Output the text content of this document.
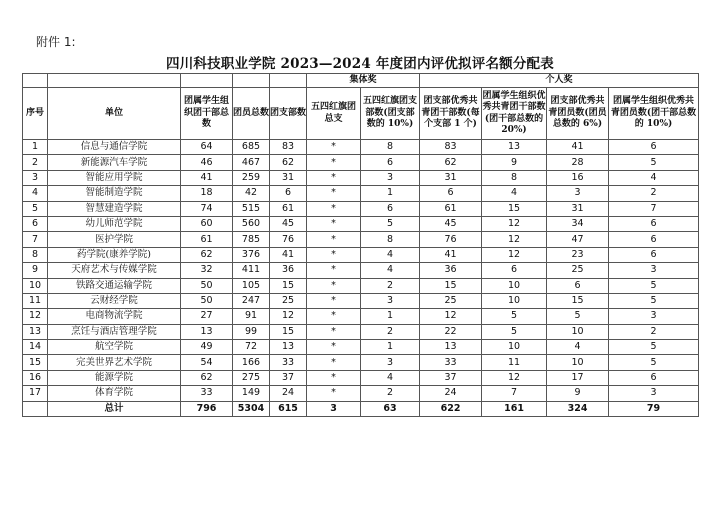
附件 1:
四川科技职业学院 2023—2024 年度团内评优拟评名额分配表
					集体奖		个人奖			
序号	单位	团属学生组织团干部总数	团员总数	团支部数	五四红旗团总支	五四红旗团支部数(团支部数的 10%)	团支部优秀共青团干部数(每个支部 1 个)	团属学生组织优秀共青团干部数(团干部总数的 20%)	团支部优秀共青团员数(团员总数的 6%)	团属学生组织优秀共青团员数(团干部总数的 10%)
1	信息与通信学院	64	685	83	*	8	83	13	41	6
2	新能源汽车学院	46	467	62	*	6	62	9	28	5
3	智能应用学院	41	259	31	*	3	31	8	16	4
4	智能制造学院	18	42	6	*	1	6	4	3	2
5	智慧建造学院	74	515	61	*	6	61	15	31	7
6	幼儿师范学院	60	560	45	*	5	45	12	34	6
7	医护学院	61	785	76	*	8	76	12	47	6
8	药学院(康养学院)	62	376	41	*	4	41	12	23	6
9	天府艺术与传媒学院	32	411	36	*	4	36	6	25	3
10	铁路交通运输学院	50	105	15	*	2	15	10	6	5
11	云财经学院	50	247	25	*	3	25	10	15	5
12	电商物流学院	27	91	12	*	1	12	5	5	3
13	烹饪与酒店管理学院	13	99	15	*	2	22	5	10	2
14	航空学院	49	72	13	*	1	13	10	4	5
15	完美世界艺术学院	54	166	33	*	3	33	11	10	5
16	能源学院	62	275	37	*	4	37	12	17	6
17	体育学院	33	149	24	*	2	24	7	9	3
	总计	796	5304	615	3	63	622	161	324	79
